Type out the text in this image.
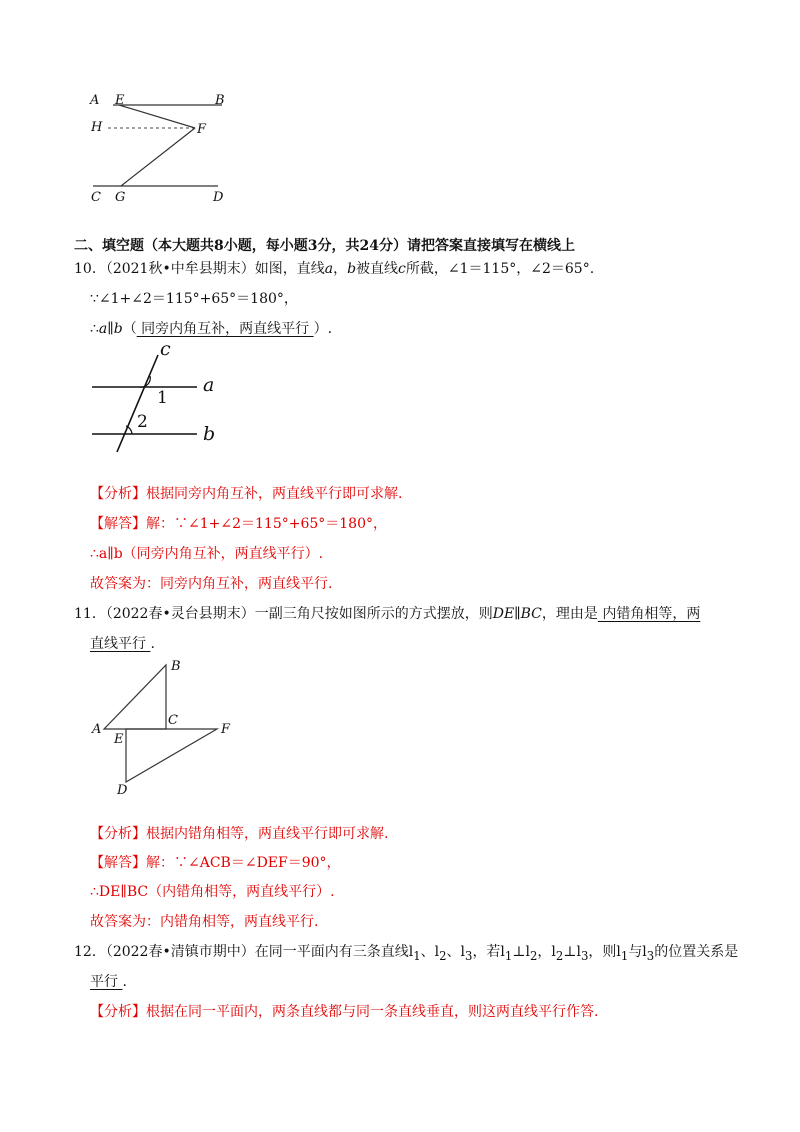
A E	B
H	F
C G	D
二、填空题（本大题共8小题，每小题3分，共24分）请把答案直接填写在横线上
10．（2021秋•中牟县期末）如图，直线a，b被直线c所截，∠1＝115°，∠2＝65°.
∵∠1+∠2＝115°+65°＝180°，
∴a∥b（ 同旁内角互补，两直线平行 ）.
c
a
b
1
2
【分析】根据同旁内角互补，两直线平行即可求解.
【解答】解：∵∠1+∠2＝115°+65°＝180°，
∴a∥b（同旁内角互补，两直线平行）.
故答案为：同旁内角互补，两直线平行.
11．（2022春•灵台县期末）一副三角尺按如图所示的方式摆放，则DE∥BC，理由是 内错角相等，两
直线平行 .
B
A
C
F
E
D
【分析】根据内错角相等，两直线平行即可求解.
【解答】解：∵∠ACB＝∠DEF＝90°，
∴DE∥BC（内错角相等，两直线平行）.
故答案为：内错角相等，两直线平行.
12．（2022春•清镇市期中）在同一平面内有三条直线$l_1$、$l_2$、$l_3$，若$l_1\perp l_2$，$l_2\perp l_3$，则$l_1$与$l_3$的位置关系是
平行 .
【分析】根据在同一平面内，两条直线都与同一条直线垂直，则这两直线平行作答.
